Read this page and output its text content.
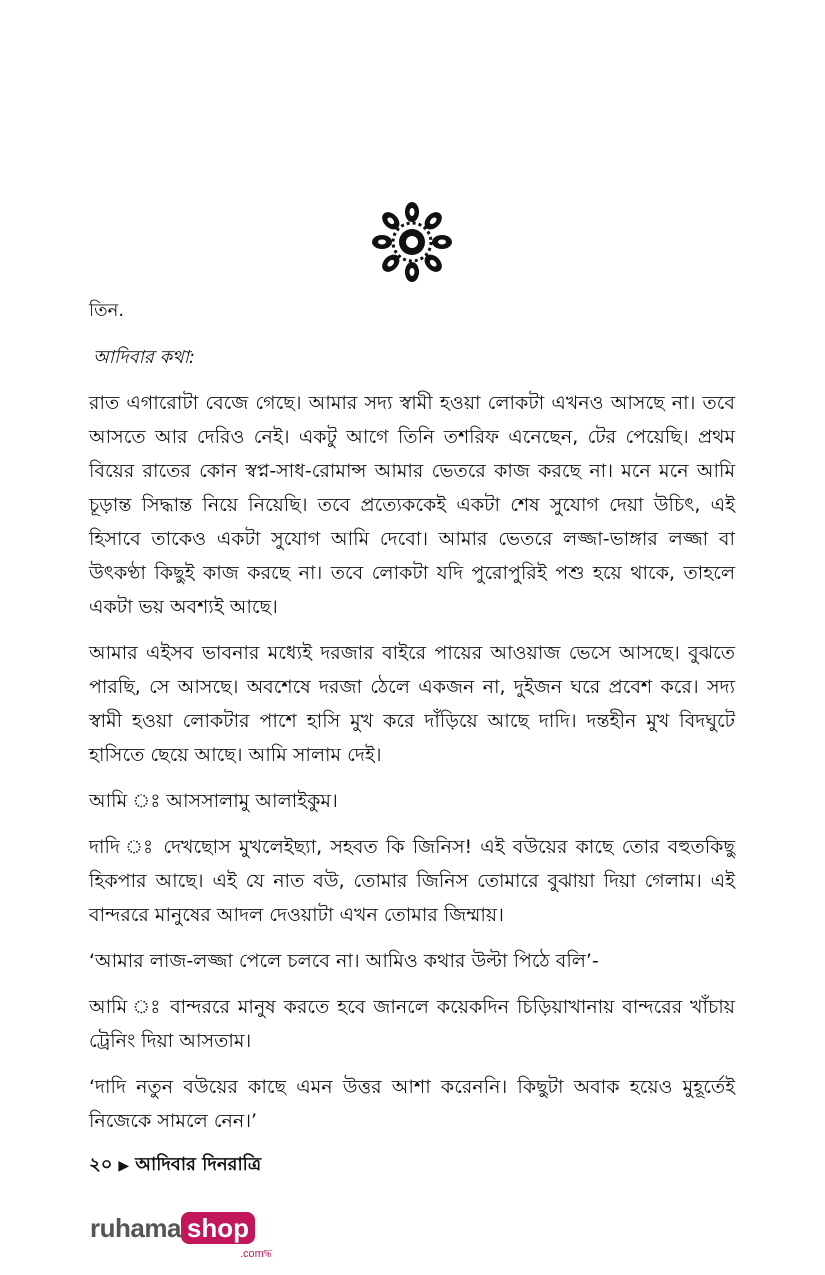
তিন.
আদিবার কথা:

রাত এগারোটা বেজে গেছে। আমার সদ্য স্বামী হওয়া লোকটা এখনও আসছে না। তবে আসতে আর দেরিও নেই। একটু আগে তিনি তশরিফ এনেছেন, টের পেয়েছি। প্রথম বিয়ের রাতের কোন স্বপ্ন-সাধ-রোমান্স আমার ভেতরে কাজ করছে না। মনে মনে আমি চূড়ান্ত সিদ্ধান্ত নিয়ে নিয়েছি। তবে প্রত্যেককেই একটা শেষ সুযোগ দেয়া উচিৎ, এই হিসাবে তাকেও একটা সুযোগ আমি দেবো। আমার ভেতরে লজ্জা-ভাঙ্গার লজ্জা বা উৎকণ্ঠা কিছুই কাজ করছে না। তবে লোকটা যদি পুরোপুরিই পশু হয়ে থাকে, তাহলে একটা ভয় অবশ্যই আছে।

আমার এইসব ভাবনার মধ্যেই দরজার বাইরে পায়ের আওয়াজ ভেসে আসছে। বুঝতে পারছি, সে আসছে। অবশেষে দরজা ঠেলে একজন না, দুইজন ঘরে প্রবেশ করে। সদ্য স্বামী হওয়া লোকটার পাশে হাসি মুখ করে দাঁড়িয়ে আছে দাদি। দন্তহীন মুখ বিদঘুটে হাসিতে ছেয়ে আছে। আমি সালাম দেই।

আমি ঃ আসসালামু আলাইকুম।

দাদি ঃ দেখছোস মুখলেইছ্যা, সহবত কি জিনিস! এই বউয়ের কাছে তোর বহুতকিছু হিকপার আছে। এই যে নাত বউ, তোমার জিনিস তোমারে বুঝায়া দিয়া গেলাম। এই বান্দররে মানুষের আদল দেওয়াটা এখন তোমার জিম্মায়।

‘আমার লাজ-লজ্জা পেলে চলবে না। আমিও কথার উল্টা পিঠে বলি’-

আমি ঃ বান্দররে মানুষ করতে হবে জানলে কয়েকদিন চিড়িয়াখানায় বান্দরের খাঁচায় ট্রেনিং দিয়া আসতাম।

‘দাদি নতুন বউয়ের কাছে এমন উত্তর আশা করেননি। কিছুটা অবাক হয়েও মুহূর্তেই নিজেকে সামলে নেন।’

২০ ▶ আদিবার দিনরাত্রি
ruhama shop
.comদ্ধ
